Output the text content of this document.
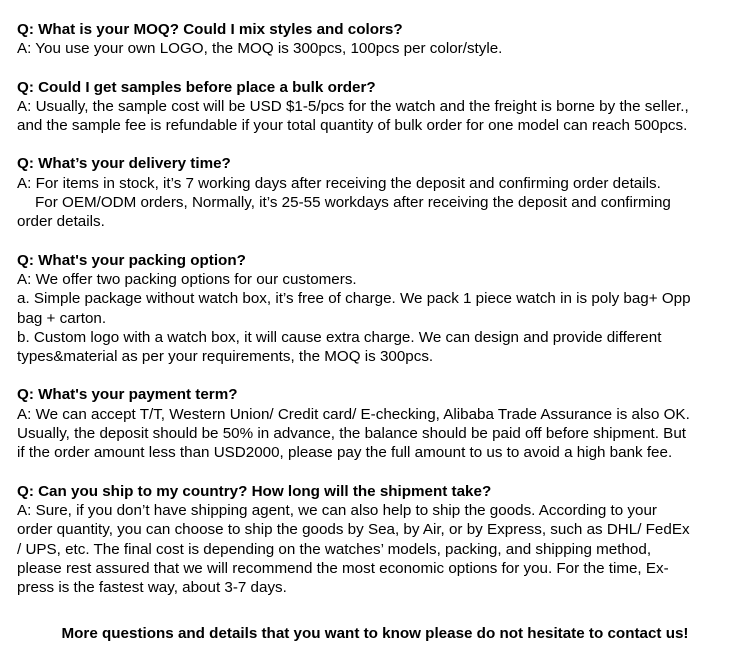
Q: What is your MOQ? Could I mix styles and colors?
A: You use your own LOGO, the MOQ is 300pcs, 100pcs per color/style.
Q: Could I get samples before place a bulk order?
A: Usually, the sample cost will be USD $1-5/pcs for the watch and the freight is borne by the seller.,
and the sample fee is refundable if your total quantity of bulk order for one model can reach 500pcs.
Q: What’s your delivery time?
A: For items in stock, it’s 7 working days after receiving the deposit and confirming order details.
For OEM/ODM orders, Normally, it’s 25-55 workdays after receiving the deposit and confirming
order details.
Q: What's your packing option?
A: We offer two packing options for our customers.
a. Simple package without watch box, it’s free of charge. We pack 1 piece watch in is poly bag+ Opp
bag + carton.
b. Custom logo with a watch box, it will cause extra charge. We can design and provide different
types&material as per your requirements, the MOQ is 300pcs.
Q: What's your payment term?
A: We can accept T/T, Western Union/ Credit card/ E-checking, Alibaba Trade Assurance is also OK.
Usually, the deposit should be 50% in advance, the balance should be paid off before shipment. But
if the order amount less than USD2000, please pay the full amount to us to avoid a high bank fee.
Q: Can you ship to my country? How long will the shipment take?
A: Sure, if you don’t have shipping agent, we can also help to ship the goods. According to your
order quantity, you can choose to ship the goods by Sea, by Air, or by Express, such as DHL/ FedEx
/ UPS, etc. The final cost is depending on the watches’ models, packing, and shipping method,
please rest assured that we will recommend the most economic options for you. For the time, Ex-
press is the fastest way, about 3-7 days.
More questions and details that you want to know please do not hesitate to contact us!
